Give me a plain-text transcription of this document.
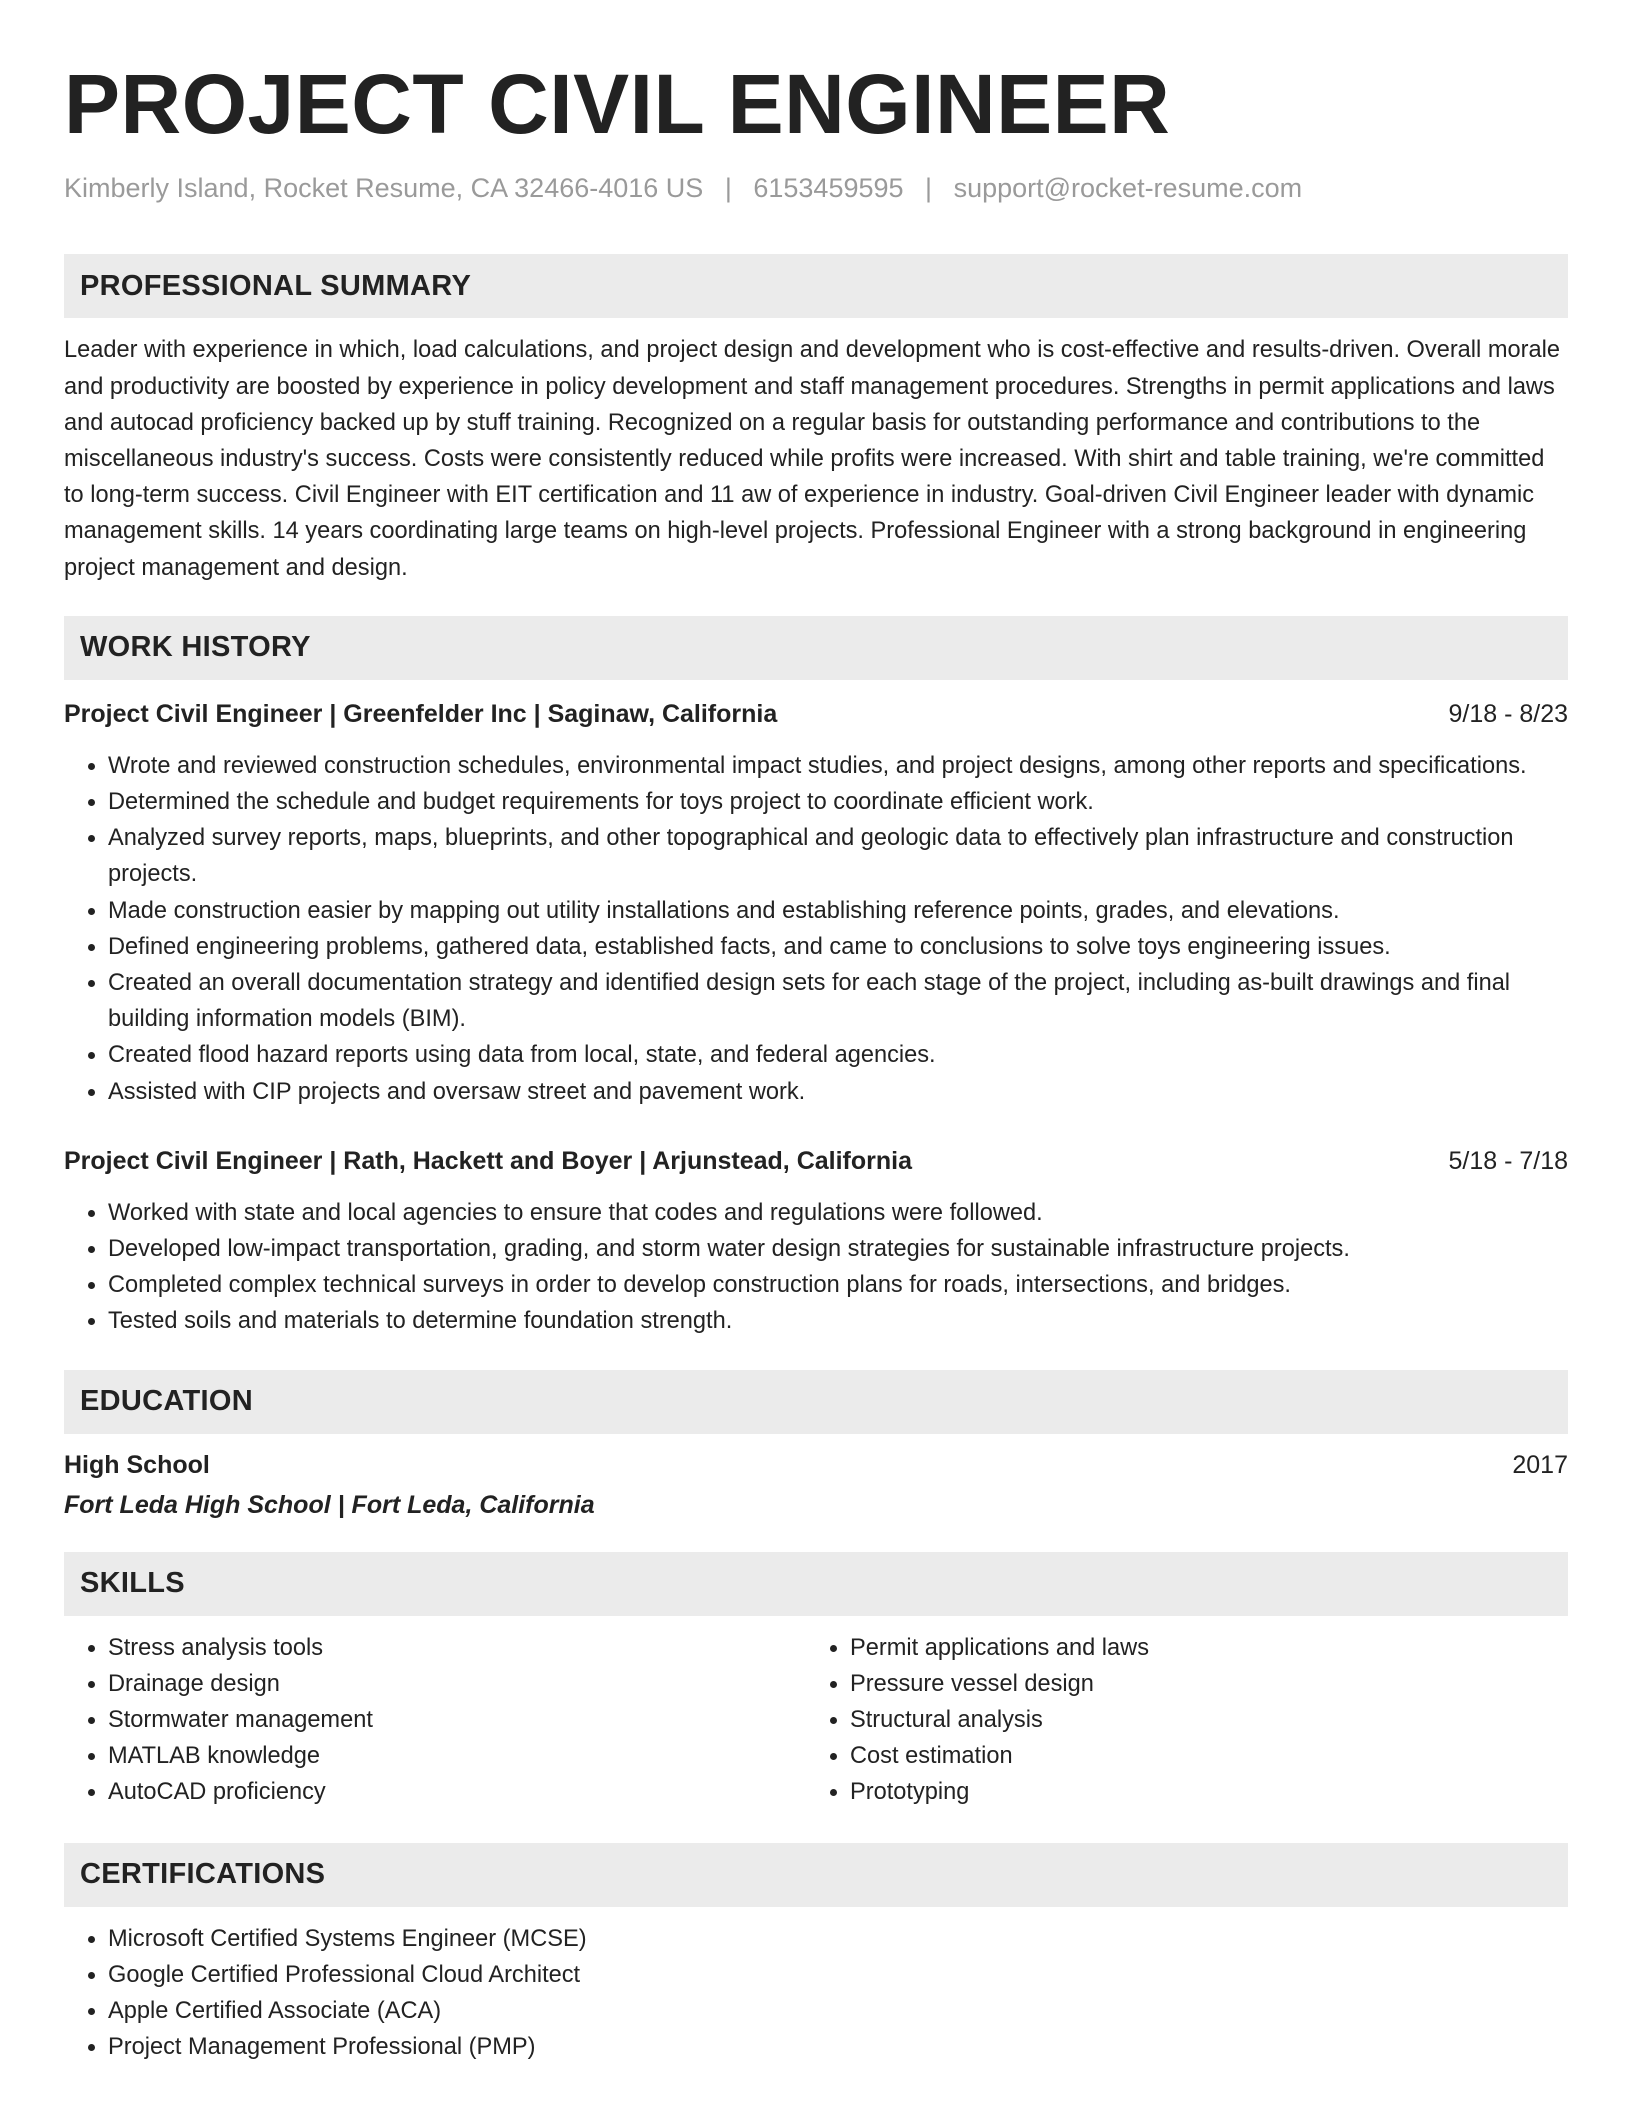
PROJECT CIVIL ENGINEER
Kimberly Island, Rocket Resume, CA 32466-4016 US | 6153459595 | support@rocket-resume.com
PROFESSIONAL SUMMARY
Leader with experience in which, load calculations, and project design and development who is cost-effective and results-driven. Overall morale and productivity are boosted by experience in policy development and staff management procedures. Strengths in permit applications and laws and autocad proficiency backed up by stuff training. Recognized on a regular basis for outstanding performance and contributions to the miscellaneous industry's success. Costs were consistently reduced while profits were increased. With shirt and table training, we're committed to long-term success. Civil Engineer with EIT certification and 11 aw of experience in industry. Goal-driven Civil Engineer leader with dynamic management skills. 14 years coordinating large teams on high-level projects. Professional Engineer with a strong background in engineering project management and design.
WORK HISTORY
Project Civil Engineer | Greenfelder Inc | Saginaw, California	9/18 - 8/23
• Wrote and reviewed construction schedules, environmental impact studies, and project designs, among other reports and specifications.
• Determined the schedule and budget requirements for toys project to coordinate efficient work.
• Analyzed survey reports, maps, blueprints, and other topographical and geologic data to effectively plan infrastructure and construction projects.
• Made construction easier by mapping out utility installations and establishing reference points, grades, and elevations.
• Defined engineering problems, gathered data, established facts, and came to conclusions to solve toys engineering issues.
• Created an overall documentation strategy and identified design sets for each stage of the project, including as-built drawings and final building information models (BIM).
• Created flood hazard reports using data from local, state, and federal agencies.
• Assisted with CIP projects and oversaw street and pavement work.
Project Civil Engineer | Rath, Hackett and Boyer | Arjunstead, California	5/18 - 7/18
• Worked with state and local agencies to ensure that codes and regulations were followed.
• Developed low-impact transportation, grading, and storm water design strategies for sustainable infrastructure projects.
• Completed complex technical surveys in order to develop construction plans for roads, intersections, and bridges.
• Tested soils and materials to determine foundation strength.
EDUCATION
High School	2017
Fort Leda High School | Fort Leda, California
SKILLS
• Stress analysis tools
• Drainage design
• Stormwater management
• MATLAB knowledge
• AutoCAD proficiency
• Permit applications and laws
• Pressure vessel design
• Structural analysis
• Cost estimation
• Prototyping
CERTIFICATIONS
• Microsoft Certified Systems Engineer (MCSE)
• Google Certified Professional Cloud Architect
• Apple Certified Associate (ACA)
• Project Management Professional (PMP)
